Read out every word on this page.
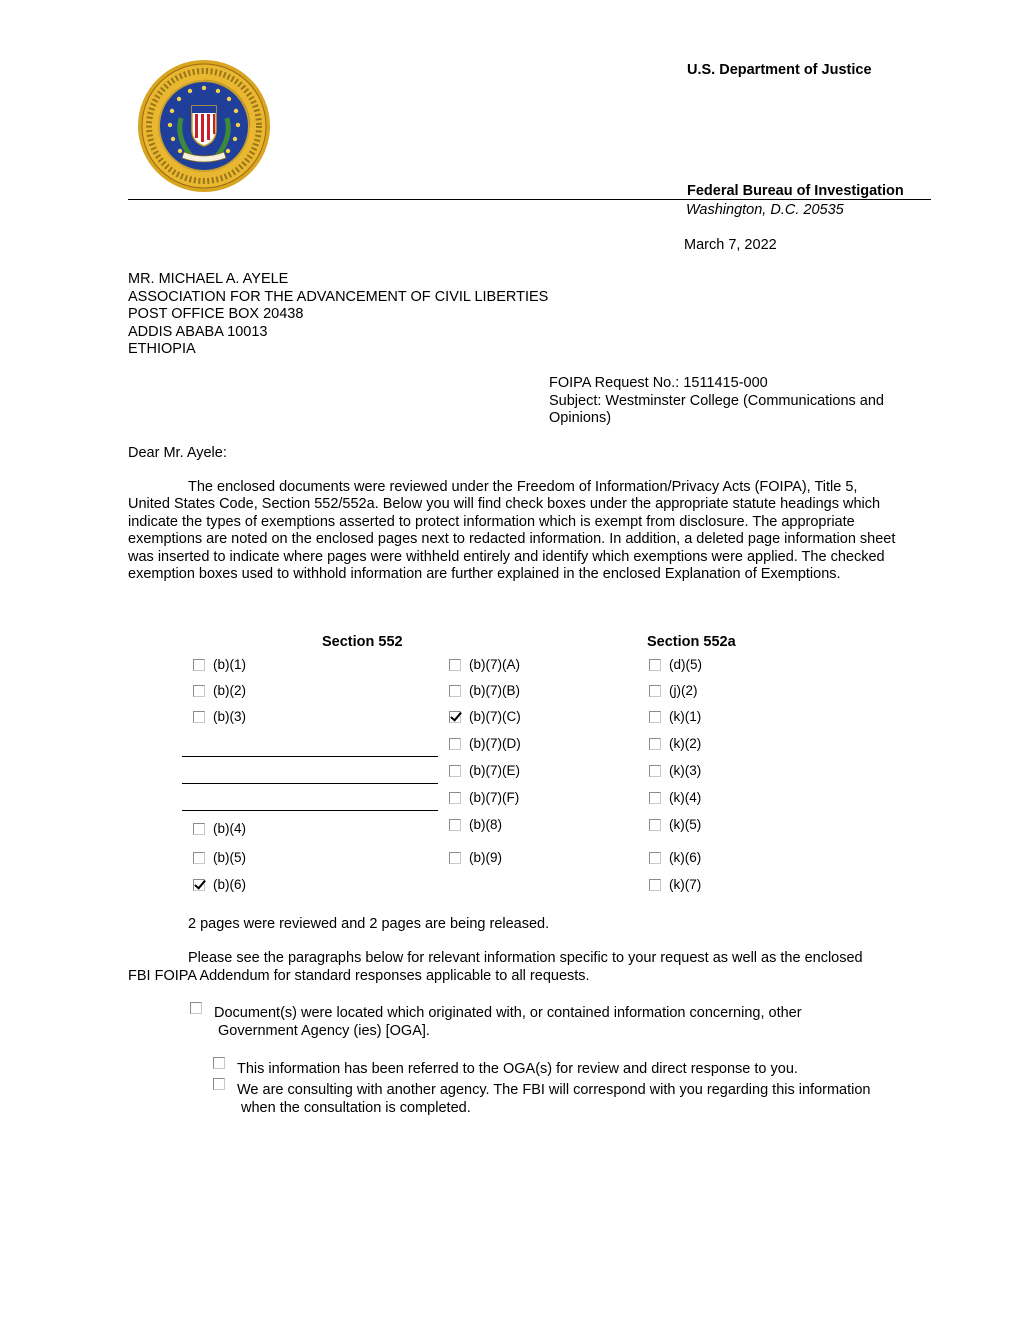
U.S. Department of Justice
Federal Bureau of Investigation
Washington, D.C. 20535
March 7, 2022
MR. MICHAEL A. AYELE
ASSOCIATION FOR THE ADVANCEMENT OF CIVIL LIBERTIES
POST OFFICE BOX 20438
ADDIS ABABA 10013
ETHIOPIA
FOIPA Request No.: 1511415-000
Subject: Westminster College (Communications and
Opinions)
Dear Mr. Ayele:
The enclosed documents were reviewed under the Freedom of Information/Privacy Acts (FOIPA), Title 5, United States Code, Section 552/552a. Below you will find check boxes under the appropriate statute headings which indicate the types of exemptions asserted to protect information which is exempt from disclosure. The appropriate exemptions are noted on the enclosed pages next to redacted information. In addition, a deleted page information sheet was inserted to indicate where pages were withheld entirely and identify which exemptions were applied. The checked exemption boxes used to withhold information are further explained in the enclosed Explanation of Exemptions.
Section 552	Section 552a
(b)(1)
(b)(2)
(b)(3)
(b)(4)
(b)(5)
(b)(6)
(b)(7)(A)
(b)(7)(B)
(b)(7)(C)
(b)(7)(D)
(b)(7)(E)
(b)(7)(F)
(b)(8)
(b)(9)
(d)(5)
(j)(2)
(k)(1)
(k)(2)
(k)(3)
(k)(4)
(k)(5)
(k)(6)
(k)(7)
2 pages were reviewed and 2 pages are being released.
Please see the paragraphs below for relevant information specific to your request as well as the enclosed
FBI FOIPA Addendum for standard responses applicable to all requests.
Document(s) were located which originated with, or contained information concerning, other
Government Agency (ies) [OGA].
This information has been referred to the OGA(s) for review and direct response to you.
We are consulting with another agency. The FBI will correspond with you regarding this information
when the consultation is completed.
